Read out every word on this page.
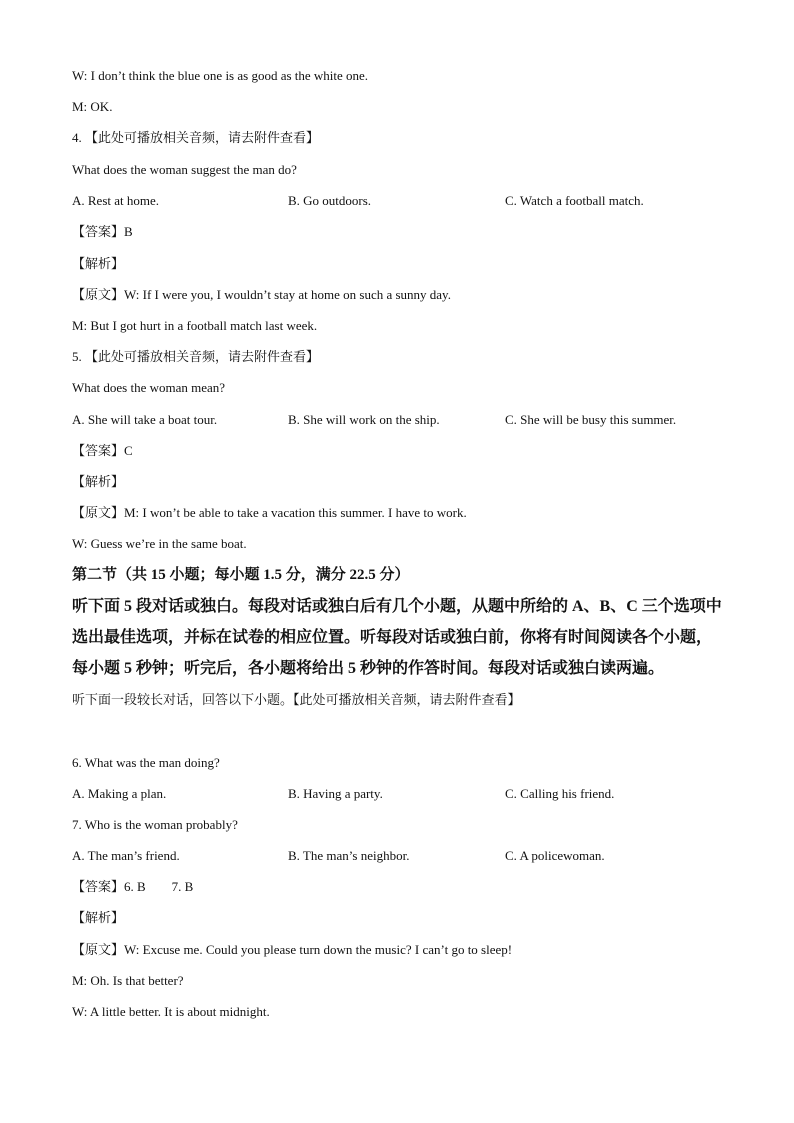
W: I don’t think the blue one is as good as the white one.
M: OK.
4. 【此处可播放相关音频，请去附件查看】
What does the woman suggest the man do?
A. Rest at home.	B. Go outdoors.	C. Watch a football match.
【答案】B
【解析】
【原文】W: If I were you, I wouldn’t stay at home on such a sunny day.
M: But I got hurt in a football match last week.
5. 【此处可播放相关音频，请去附件查看】
What does the woman mean?
A. She will take a boat tour.	B. She will work on the ship.	C. She will be busy this summer.
【答案】C
【解析】
【原文】M: I won’t be able to take a vacation this summer. I have to work.
W: Guess we’re in the same boat.
第二节（共 15 小题；每小题 1.5 分，满分 22.5 分）
听下面 5 段对话或独白。每段对话或独白后有几个小题，从题中所给的 A、B、C 三个选项中
选出最佳选项，并标在试卷的相应位置。听每段对话或独白前，你将有时间阅读各个小题，
每小题 5 秒钟；听完后，各小题将给出 5 秒钟的作答时间。每段对话或独白读两遍。
听下面一段较长对话，回答以下小题。【此处可播放相关音频，请去附件查看】
6. What was the man doing?
A. Making a plan.	B. Having a party.	C. Calling his friend.
7. Who is the woman probably?
A. The man’s friend.	B. The man’s neighbor.	C. A policewoman.
【答案】6. B        7. B
【解析】
【原文】W: Excuse me. Could you please turn down the music? I can’t go to sleep!
M: Oh. Is that better?
W: A little better. It is about midnight.
